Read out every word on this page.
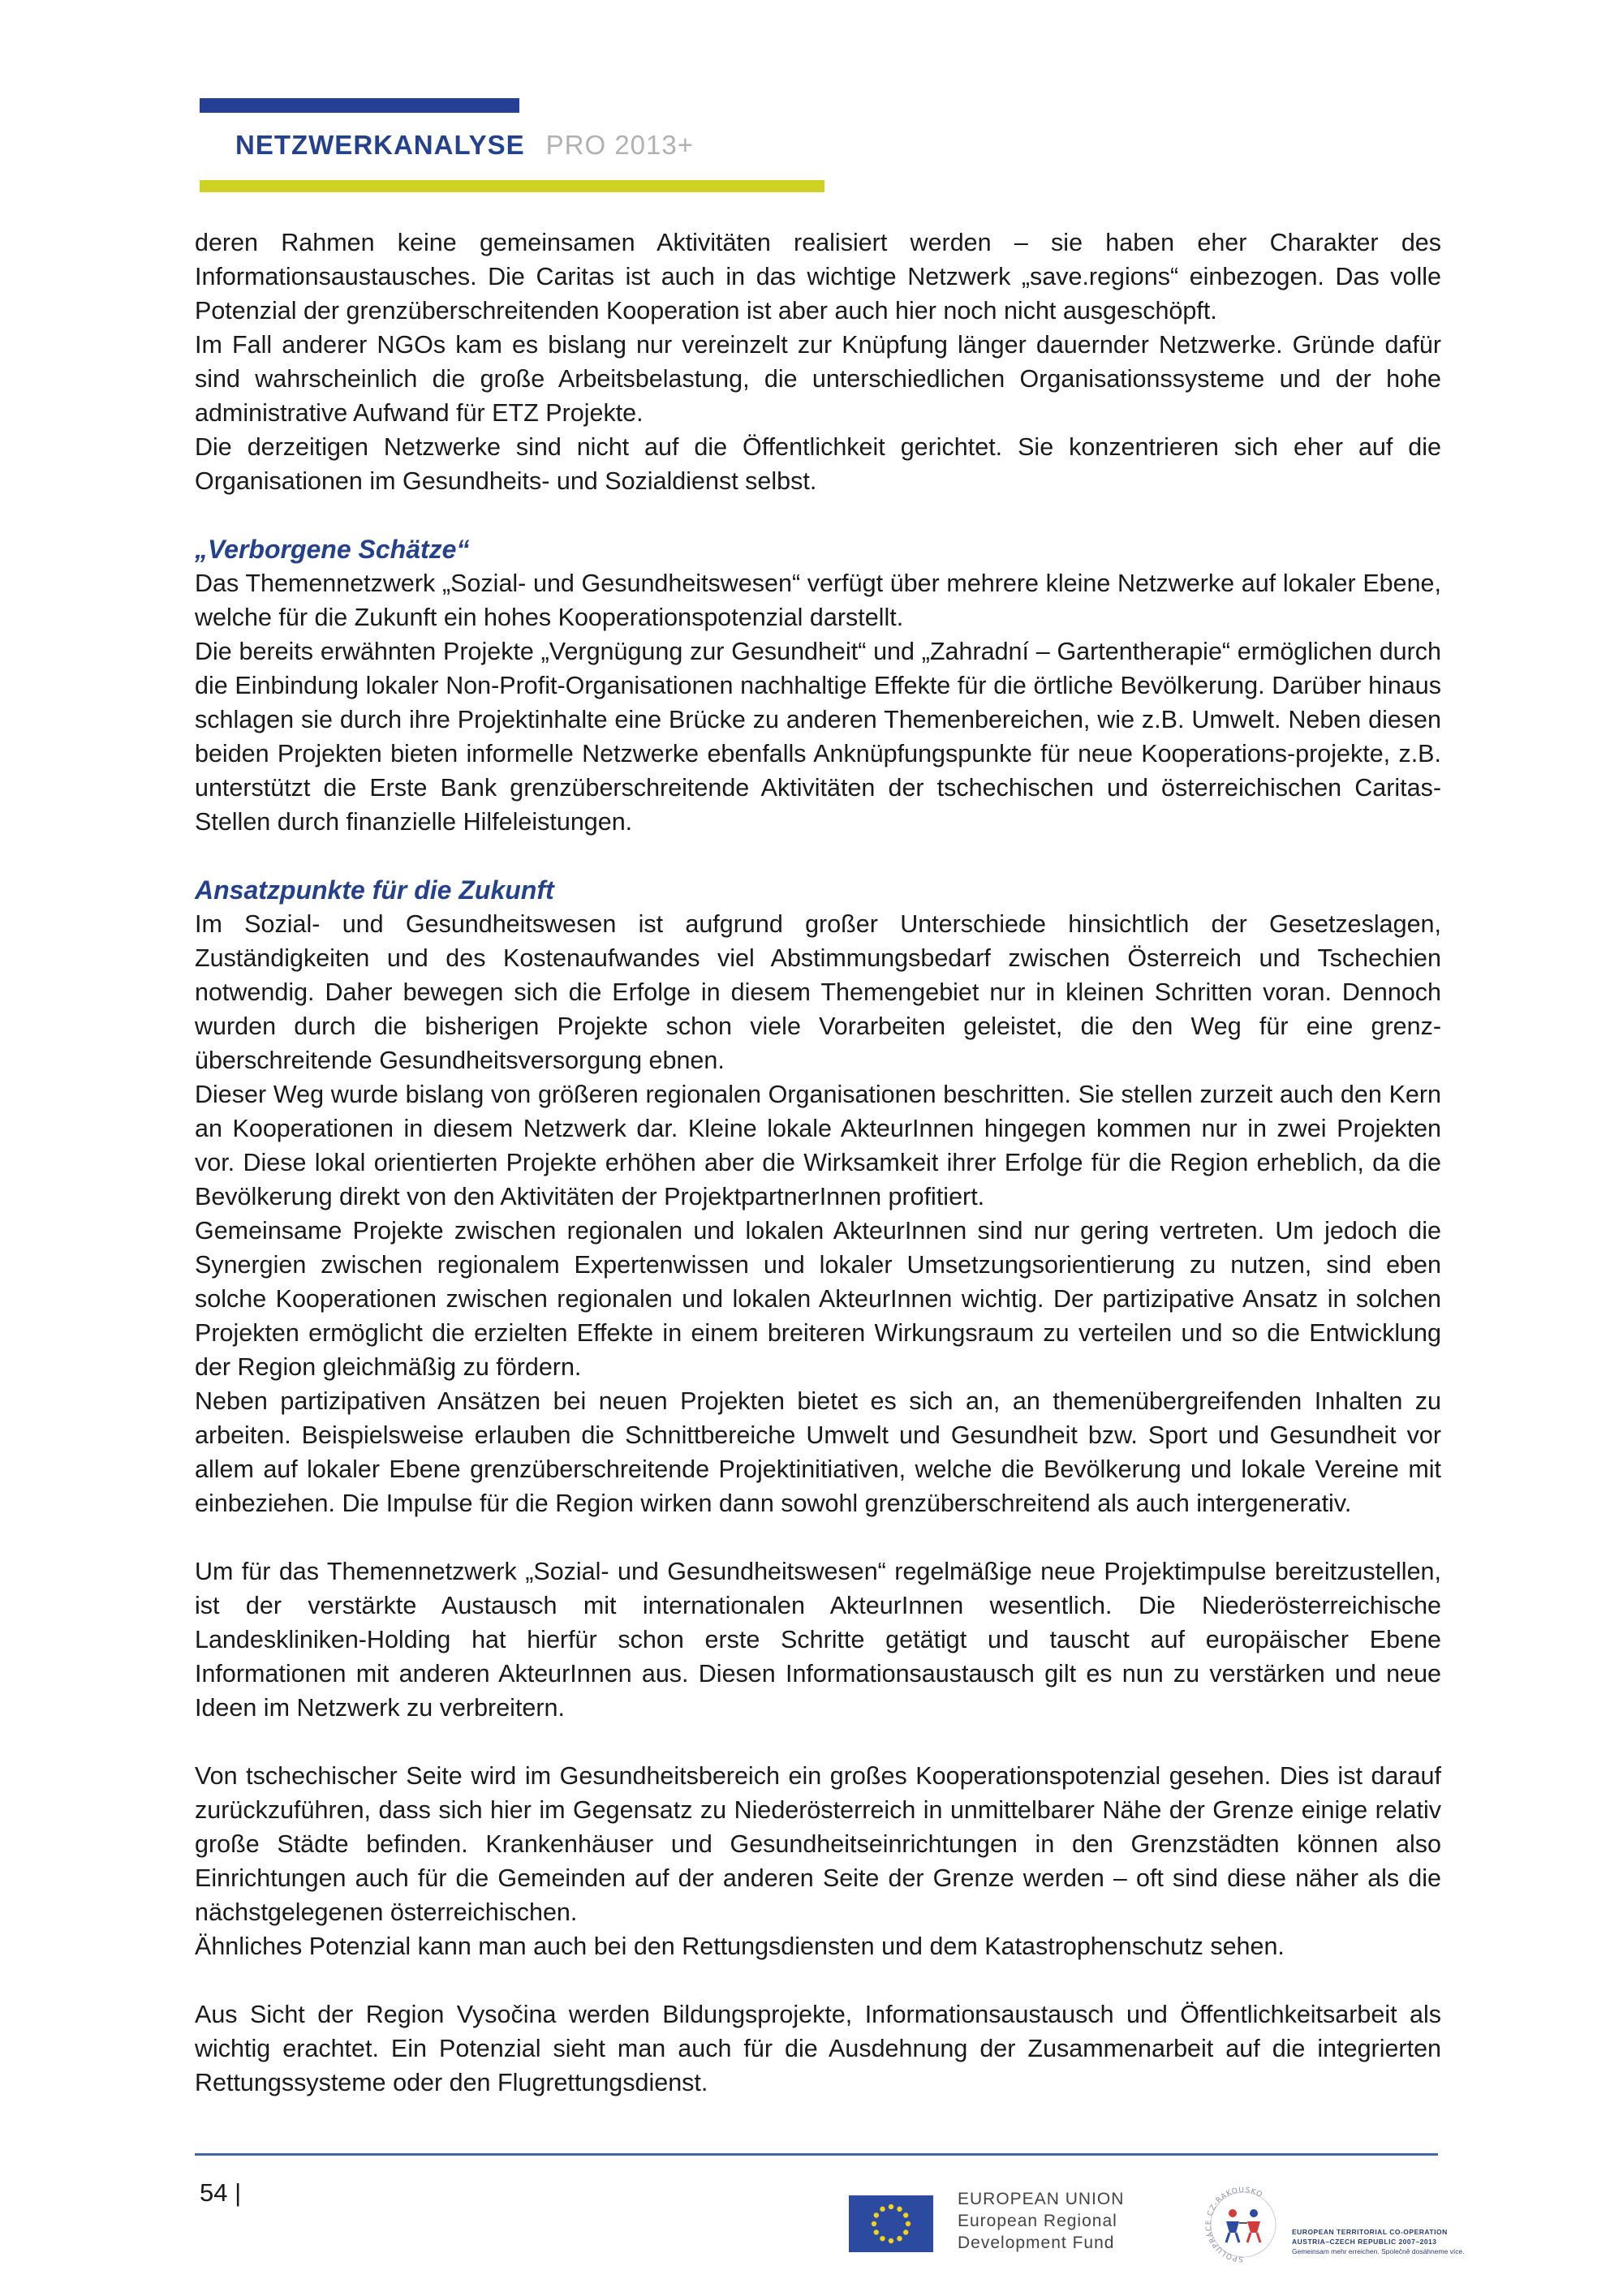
NETZWERKANALYSE PRO 2013+

deren Rahmen keine gemeinsamen Aktivitäten realisiert werden – sie haben eher Charakter des Informationsaustausches. Die Caritas ist auch in das wichtige Netzwerk „save.regions“ einbezogen. Das volle Potenzial der grenzüberschreitenden Kooperation ist aber auch hier noch nicht ausgeschöpft.

Im Fall anderer NGOs kam es bislang nur vereinzelt zur Knüpfung länger dauernder Netzwerke. Gründe dafür sind wahrscheinlich die große Arbeitsbelastung, die unterschiedlichen Organisationssysteme und der hohe administrative Aufwand für ETZ Projekte.

Die derzeitigen Netzwerke sind nicht auf die Öffentlichkeit gerichtet. Sie konzentrieren sich eher auf die Organisationen im Gesundheits- und Sozialdienst selbst.

„Verborgene Schätze“

Das Themennetzwerk „Sozial- und Gesundheitswesen“ verfügt über mehrere kleine Netzwerke auf lokaler Ebene, welche für die Zukunft ein hohes Kooperationspotenzial darstellt.

Die bereits erwähnten Projekte „Vergnügung zur Gesundheit“ und „Zahradní – Gartentherapie“ ermöglichen durch die Einbindung lokaler Non-Profit-Organisationen nachhaltige Effekte für die örtliche Bevölkerung. Darüber hinaus schlagen sie durch ihre Projektinhalte eine Brücke zu anderen Themenbereichen, wie z.B. Umwelt. Neben diesen beiden Projekten bieten informelle Netzwerke ebenfalls Anknüpfungspunkte für neue Kooperations-projekte, z.B. unterstützt die Erste Bank grenzüberschreitende Aktivitäten der tschechischen und österreichischen Caritas-Stellen durch finanzielle Hilfeleistungen.

Ansatzpunkte für die Zukunft

Im Sozial- und Gesundheitswesen ist aufgrund großer Unterschiede hinsichtlich der Gesetzeslagen, Zuständigkeiten und des Kostenaufwandes viel Abstimmungsbedarf zwischen Österreich und Tschechien notwendig. Daher bewegen sich die Erfolge in diesem Themengebiet nur in kleinen Schritten voran. Dennoch wurden durch die bisherigen Projekte schon viele Vorarbeiten geleistet, die den Weg für eine grenz-überschreitende Gesundheitsversorgung ebnen.

Dieser Weg wurde bislang von größeren regionalen Organisationen beschritten. Sie stellen zurzeit auch den Kern an Kooperationen in diesem Netzwerk dar. Kleine lokale AkteurInnen hingegen kommen nur in zwei Projekten vor. Diese lokal orientierten Projekte erhöhen aber die Wirksamkeit ihrer Erfolge für die Region erheblich, da die Bevölkerung direkt von den Aktivitäten der ProjektpartnerInnen profitiert.

Gemeinsame Projekte zwischen regionalen und lokalen AkteurInnen sind nur gering vertreten. Um jedoch die Synergien zwischen regionalem Expertenwissen und lokaler Umsetzungsorientierung zu nutzen, sind eben solche Kooperationen zwischen regionalen und lokalen AkteurInnen wichtig. Der partizipative Ansatz in solchen Projekten ermöglicht die erzielten Effekte in einem breiteren Wirkungsraum zu verteilen und so die Entwicklung der Region gleichmäßig zu fördern.

Neben partizipativen Ansätzen bei neuen Projekten bietet es sich an, an themenübergreifenden Inhalten zu arbeiten. Beispielsweise erlauben die Schnittbereiche Umwelt und Gesundheit bzw. Sport und Gesundheit vor allem auf lokaler Ebene grenzüberschreitende Projektinitiativen, welche die Bevölkerung und lokale Vereine mit einbeziehen. Die Impulse für die Region wirken dann sowohl grenzüberschreitend als auch intergenerativ.

Um für das Themennetzwerk „Sozial- und Gesundheitswesen“ regelmäßige neue Projektimpulse bereitzustellen, ist der verstärkte Austausch mit internationalen AkteurInnen wesentlich. Die Niederösterreichische Landeskliniken-Holding hat hierfür schon erste Schritte getätigt und tauscht auf europäischer Ebene Informationen mit anderen AkteurInnen aus. Diesen Informationsaustausch gilt es nun zu verstärken und neue Ideen im Netzwerk zu verbreitern.

Von tschechischer Seite wird im Gesundheitsbereich ein großes Kooperationspotenzial gesehen. Dies ist darauf zurückzuführen, dass sich hier im Gegensatz zu Niederösterreich in unmittelbarer Nähe der Grenze einige relativ große Städte befinden. Krankenhäuser und Gesundheitseinrichtungen in den Grenzstädten können also Einrichtungen auch für die Gemeinden auf der anderen Seite der Grenze werden – oft sind diese näher als die nächstgelegenen österreichischen.

Ähnliches Potenzial kann man auch bei den Rettungsdiensten und dem Katastrophenschutz sehen.

Aus Sicht der Region Vysočina werden Bildungsprojekte, Informationsaustausch und Öffentlichkeitsarbeit als wichtig erachtet. Ein Potenzial sieht man auch für die Ausdehnung der Zusammenarbeit auf die integrierten Rettungssysteme oder den Flugrettungsdienst.

54 |	EUROPEAN UNION
European Regional
Development Fund
SPOLUPRÁCE CZ-RAKOUSKO
EUROPEAN TERRITORIAL CO-OPERATION
AUSTRIA–CZECH REPUBLIC 2007–2013
Gemeinsam mehr erreichen. Společně dosáhneme více.
